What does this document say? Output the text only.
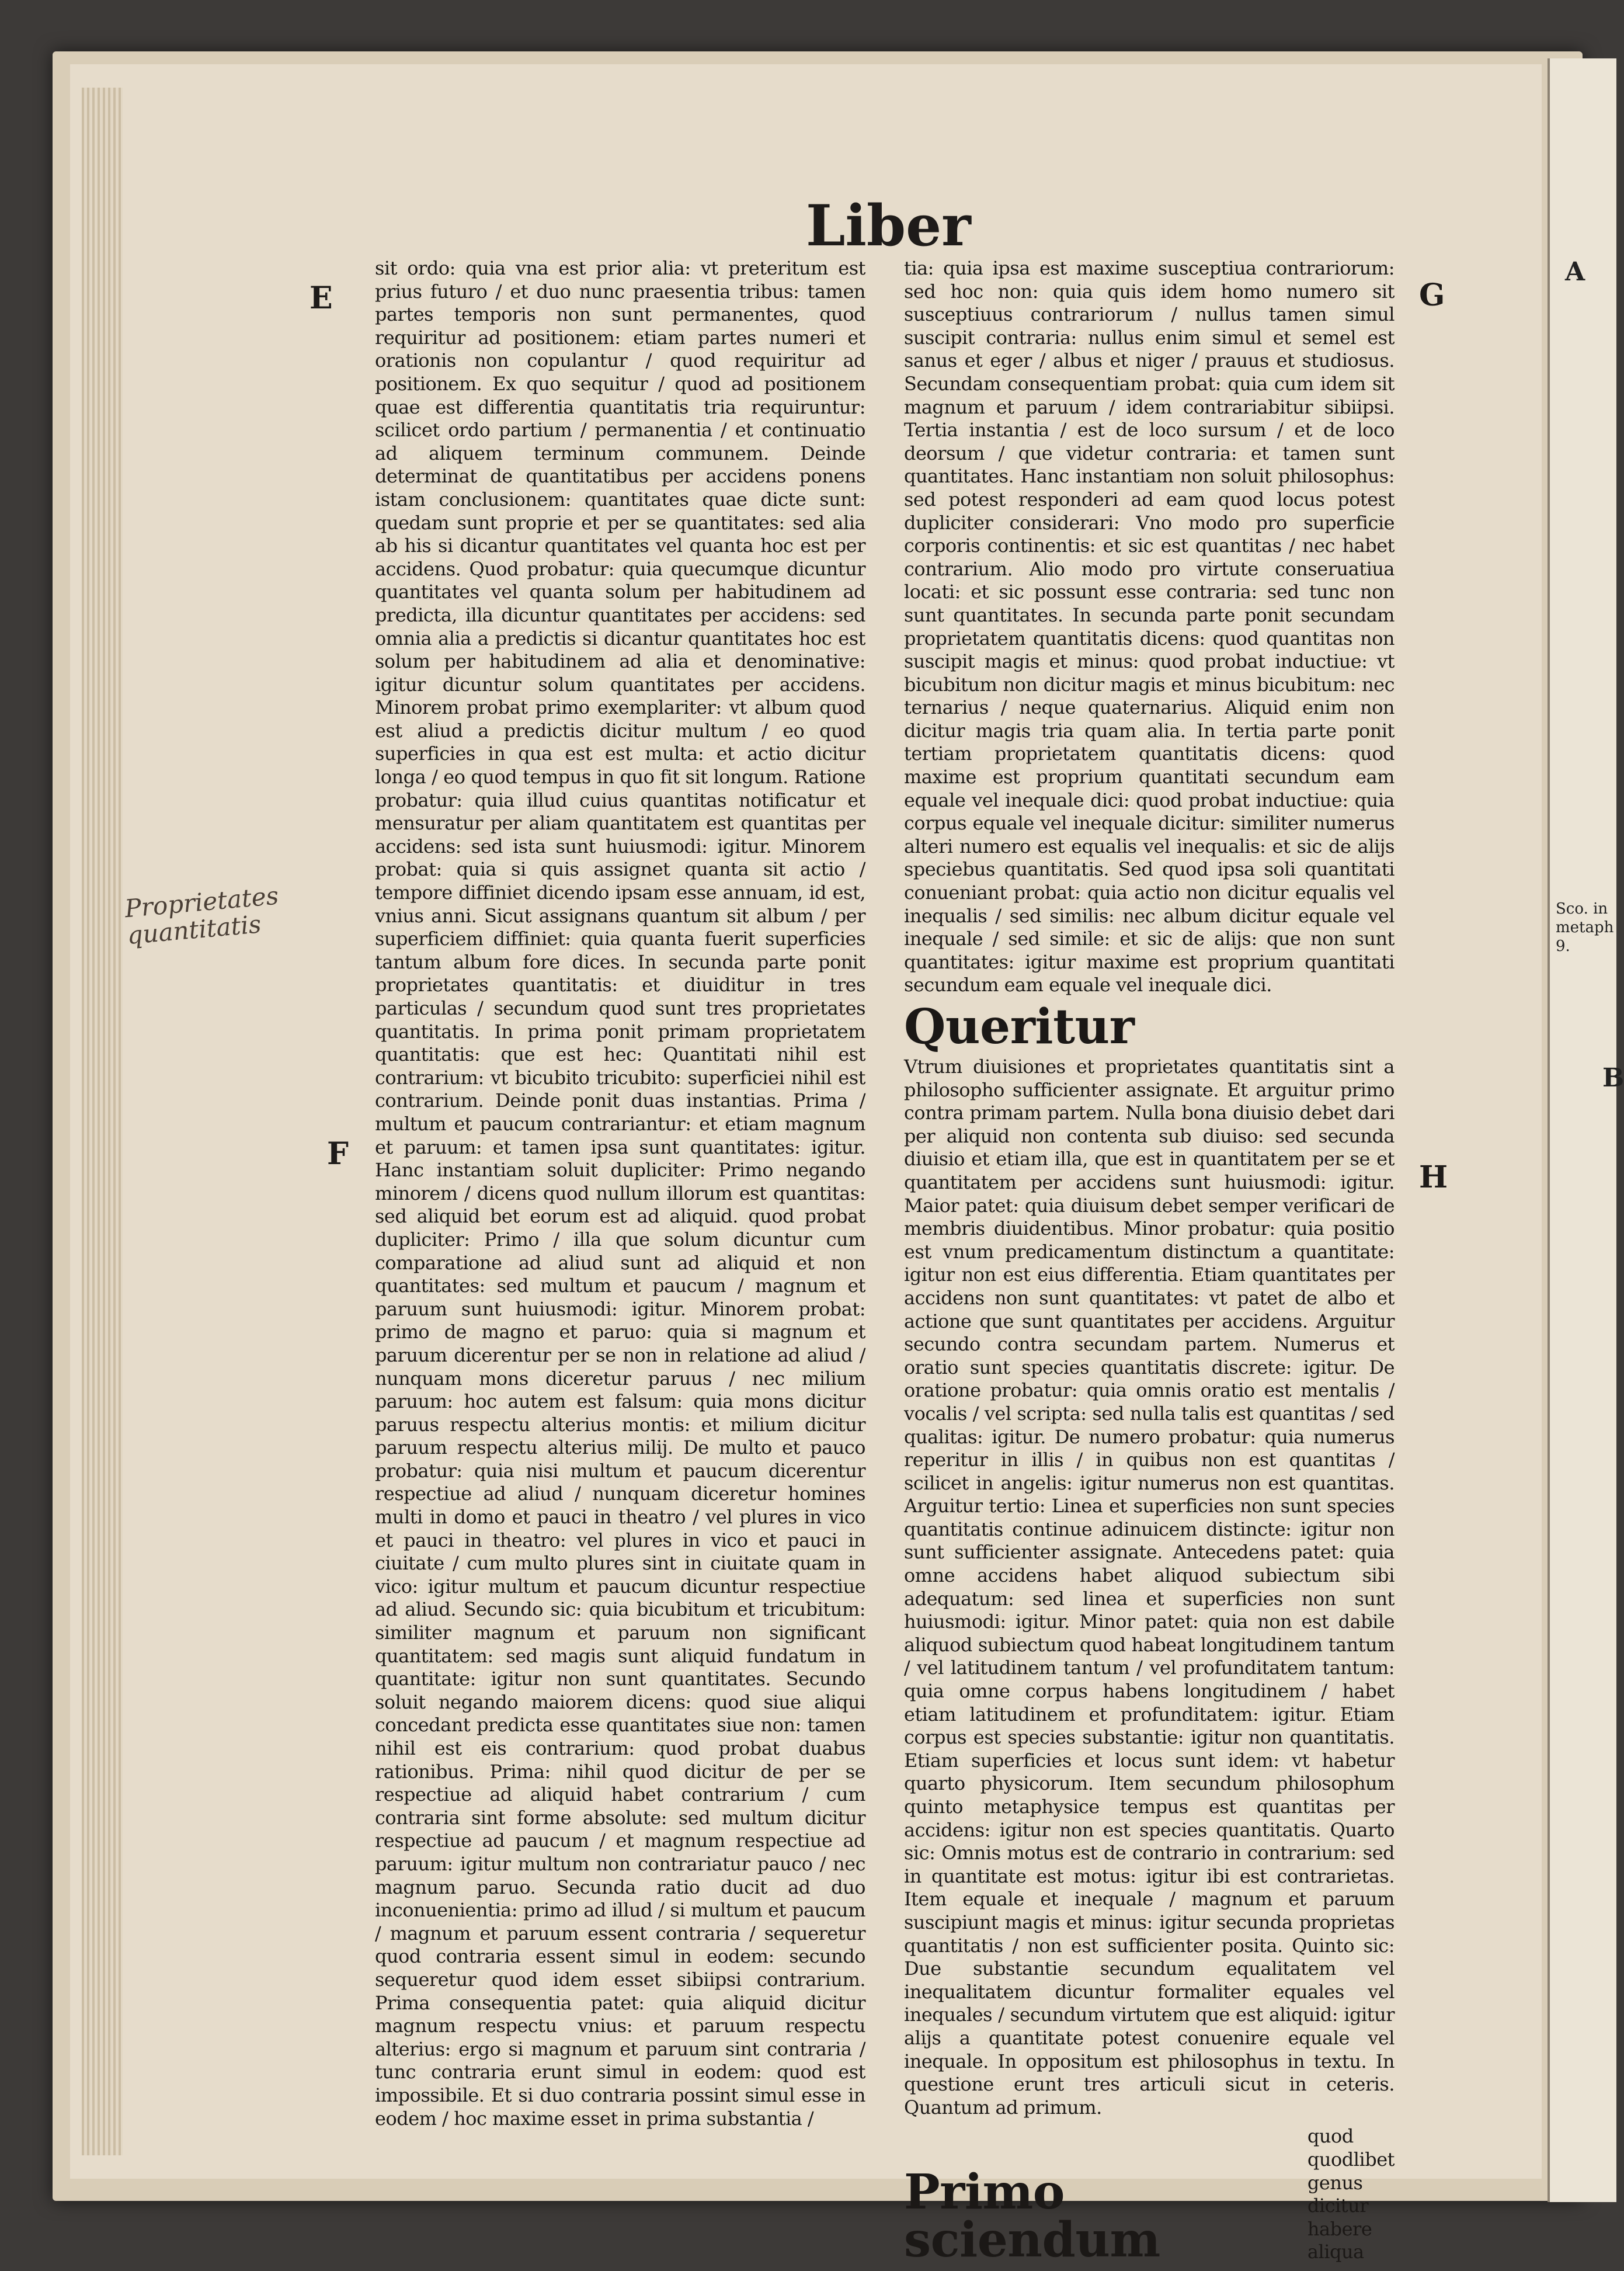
A
Sco. in metaph 9.
B
Liber
E
F
G
H
Proprietates quantitatis

sit ordo: quia vna est prior alia: vt preteritum est prius futuro / et duo nunc praesentia tribus: tamen partes temporis non sunt permanentes, quod requiritur ad positionem: etiam partes numeri et orationis non copulantur / quod requiritur ad positionem. Ex quo sequitur / quod ad positionem quae est differentia quantitatis tria requiruntur: scilicet ordo partium / permanentia / et continuatio ad aliquem terminum communem. Deinde determinat de quantitatibus per accidens ponens istam conclusionem: quantitates quae dicte sunt: quedam sunt proprie et per se quantitates: sed alia ab his si dicantur quantitates vel quanta hoc est per accidens. Quod probatur: quia quecumque dicuntur quantitates vel quanta solum per habitudinem ad predicta, illa dicuntur quantitates per accidens: sed omnia alia a predictis si dicantur quantitates hoc est solum per habitudinem ad alia et denominative: igitur dicuntur solum quantitates per accidens. Minorem probat primo exemplariter: vt album quod est aliud a predictis dicitur multum / eo quod superficies in qua est est multa: et actio dicitur longa / eo quod tempus in quo fit sit longum. Ratione probatur: quia illud cuius quantitas notificatur et mensuratur per aliam quantitatem est quantitas per accidens: sed ista sunt huiusmodi: igitur. Minorem probat: quia si quis assignet quanta sit actio / tempore diffiniet dicendo ipsam esse annuam, id est, vnius anni. Sicut assignans quantum sit album / per superficiem diffiniet: quia quanta fuerit superficies tantum album fore dices. In secunda parte ponit proprietates quantitatis: et diuiditur in tres particulas / secundum quod sunt tres proprietates quantitatis. In prima ponit primam proprietatem quantitatis: que est hec: Quantitati nihil est contrarium: vt bicubito tricubito: superficiei nihil est contrarium. Deinde ponit duas instantias. Prima / multum et paucum contrariantur: et etiam magnum et paruum: et tamen ipsa sunt quantitates: igitur. Hanc instantiam soluit dupliciter: Primo negando minorem / dicens quod nullum illorum est quantitas: sed aliquid bet eorum est ad aliquid. quod probat dupliciter: Primo / illa que solum dicuntur cum comparatione ad aliud sunt ad aliquid et non quantitates: sed multum et paucum / magnum et paruum sunt huiusmodi: igitur. Minorem probat: primo de magno et paruo: quia si magnum et paruum dicerentur per se non in relatione ad aliud / nunquam mons diceretur paruus / nec milium paruum: hoc autem est falsum: quia mons dicitur paruus respectu alterius montis: et milium dicitur paruum respectu alterius milij. De multo et pauco probatur: quia nisi multum et paucum dicerentur respectiue ad aliud / nunquam diceretur homines multi in domo et pauci in theatro / vel plures in vico et pauci in theatro: vel plures in vico et pauci in ciuitate / cum multo plures sint in ciuitate quam in vico: igitur multum et paucum dicuntur respectiue ad aliud. Secundo sic: quia bicubitum et tricubitum: similiter magnum et paruum non significant quantitatem: sed magis sunt aliquid fundatum in quantitate: igitur non sunt quantitates. Secundo soluit negando maiorem dicens: quod siue aliqui concedant predicta esse quantitates siue non: tamen nihil est eis contrarium: quod probat duabus rationibus. Prima: nihil quod dicitur de per se respectiue ad aliquid habet contrarium / cum contraria sint forme absolute: sed multum dicitur respectiue ad paucum / et magnum respectiue ad paruum: igitur multum non contrariatur pauco / nec magnum paruo. Secunda ratio ducit ad duo inconuenientia: primo ad illud / si multum et paucum / magnum et paruum essent contraria / sequeretur quod contraria essent simul in eodem: secundo sequeretur quod idem esset sibiipsi contrarium. Prima consequentia patet: quia aliquid dicitur magnum respectu vnius: et paruum respectu alterius: ergo si magnum et paruum sint contraria / tunc contraria erunt simul in eodem: quod est impossibile. Et si duo contraria possint simul esse in eodem / hoc maxime esset in prima substantia /

tia: quia ipsa est maxime susceptiua contrariorum: sed hoc non: quia quis idem homo numero sit susceptiuus contrariorum / nullus tamen simul suscipit contraria: nullus enim simul et semel est sanus et eger / albus et niger / prauus et studiosus. Secundam consequentiam probat: quia cum idem sit magnum et paruum / idem contrariabitur sibiipsi. Tertia instantia / est de loco sursum / et de loco deorsum / que videtur contraria: et tamen sunt quantitates. Hanc instantiam non soluit philosophus: sed potest responderi ad eam quod locus potest dupliciter considerari: Vno modo pro superficie corporis continentis: et sic est quantitas / nec habet contrarium. Alio modo pro virtute conseruatiua locati: et sic possunt esse contraria: sed tunc non sunt quantitates. In secunda parte ponit secundam proprietatem quantitatis dicens: quod quantitas non suscipit magis et minus: quod probat inductiue: vt bicubitum non dicitur magis et minus bicubitum: nec ternarius / neque quaternarius. Aliquid enim non dicitur magis tria quam alia. In tertia parte ponit tertiam proprietatem quantitatis dicens: quod maxime est proprium quantitati secundum eam equale vel inequale dici: quod probat inductiue: quia corpus equale vel inequale dicitur: similiter numerus alteri numero est equalis vel inequalis: et sic de alijs speciebus quantitatis. Sed quod ipsa soli quantitati conueniant probat: quia actio non dicitur equalis vel inequalis / sed similis: nec album dicitur equale vel inequale / sed simile: et sic de alijs: que non sunt quantitates: igitur maxime est proprium quantitati secundum eam equale vel inequale dici.

Queritur

Vtrum diuisiones et proprietates quantitatis sint a philosopho sufficienter assignate. Et arguitur primo contra primam partem. Nulla bona diuisio debet dari per aliquid non contenta sub diuiso: sed secunda diuisio et etiam illa, que est in quantitatem per se et quantitatem per accidens sunt huiusmodi: igitur. Maior patet: quia diuisum debet semper verificari de membris diuidentibus. Minor probatur: quia positio est vnum predicamentum distinctum a quantitate: igitur non est eius differentia. Etiam quantitates per accidens non sunt quantitates: vt patet de albo et actione que sunt quantitates per accidens. Arguitur secundo contra secundam partem. Numerus et oratio sunt species quantitatis discrete: igitur. De oratione probatur: quia omnis oratio est mentalis / vocalis / vel scripta: sed nulla talis est quantitas / sed qualitas: igitur. De numero probatur: quia numerus reperitur in illis / in quibus non est quantitas / scilicet in angelis: igitur numerus non est quantitas. Arguitur tertio: Linea et superficies non sunt species quantitatis continue adinuicem distincte: igitur non sunt sufficienter assignate. Antecedens patet: quia omne accidens habet aliquod subiectum sibi adequatum: sed linea et superficies non sunt huiusmodi: igitur. Minor patet: quia non est dabile aliquod subiectum quod habeat longitudinem tantum / vel latitudinem tantum / vel profunditatem tantum: quia omne corpus habens longitudinem / habet etiam latitudinem et profunditatem: igitur. Etiam corpus est species substantie: igitur non quantitatis. Etiam superficies et locus sunt idem: vt habetur quarto physicorum. Item secundum philosophum quinto metaphysice tempus est quantitas per accidens: igitur non est species quantitatis. Quarto sic: Omnis motus est de contrario in contrarium: sed in quantitate est motus: igitur ibi est contrarietas. Item equale et inequale / magnum et paruum suscipiunt magis et minus: igitur secunda proprietas quantitatis / non est sufficienter posita. Quinto sic: Due substantie secundum equalitatem vel inequalitatem dicuntur formaliter equales vel inequales / secundum virtutem que est aliquid: igitur alijs a quantitate potest conuenire equale vel inequale. In oppositum est philosophus in textu. In questione erunt tres articuli sicut in ceteris. Quantum ad primum.

Primo sciendum
quod quodlibet genus dicitur habere aliqua
